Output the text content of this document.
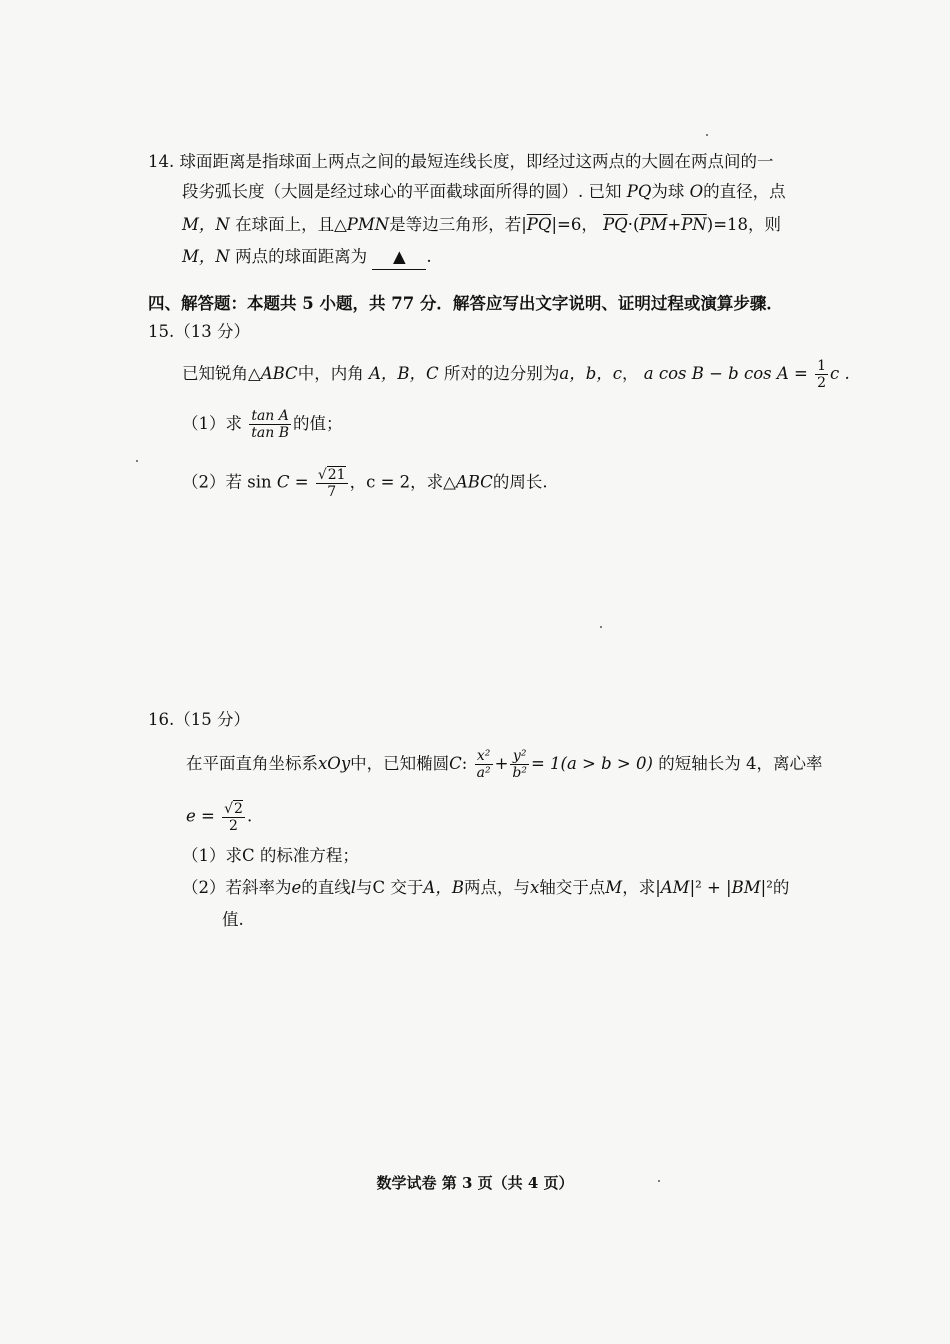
14. 球面距离是指球面上两点之间的最短连线长度，即经过这两点的大圆在两点间的一
段劣弧长度（大圆是经过球心的平面截球面所得的圆）. 已知 PQ为球 O的直径，点
M，N 在球面上，且△PMN是等边三角形，若$|\overline{PQ}|=6$， $\overline{PQ}\cdot(\overline{PM}+\overline{PN})=18$，则
M，N 两点的球面距离为 ▲ .
四、解答题：本题共 5 小题，共 77 分．解答应写出文字说明、证明过程或演算步骤．
15.（13 分）
已知锐角△ABC中，内角 A，B，C 所对的边分别为a，b，c， a cos B − b $\cos A = \frac{1}{2}$ c .
（1）求 $\frac{\text{tan A}}{\text{tan B}}$ 的值；
（2）若 $\sin C = \frac{√21}{7}$ ，c = 2，求△ABC的周长.
16.（15 分）
在平面直角坐标系xOy中，已知椭圆C: $\frac{\text{x²}}{\text{a²}} + \frac{\text{y²}}{\text{b²}} = 1(a > b > 0)$ 的短轴长为 4，离心率
$e = \frac{√2}{2}$ .
（1）求C 的标准方程；
（2）若斜率为e的直线l与C 交于A，B两点，与x轴交于点M，求|AM|² + |BM|²的
值.
数学试卷 第 3 页（共 4 页）
